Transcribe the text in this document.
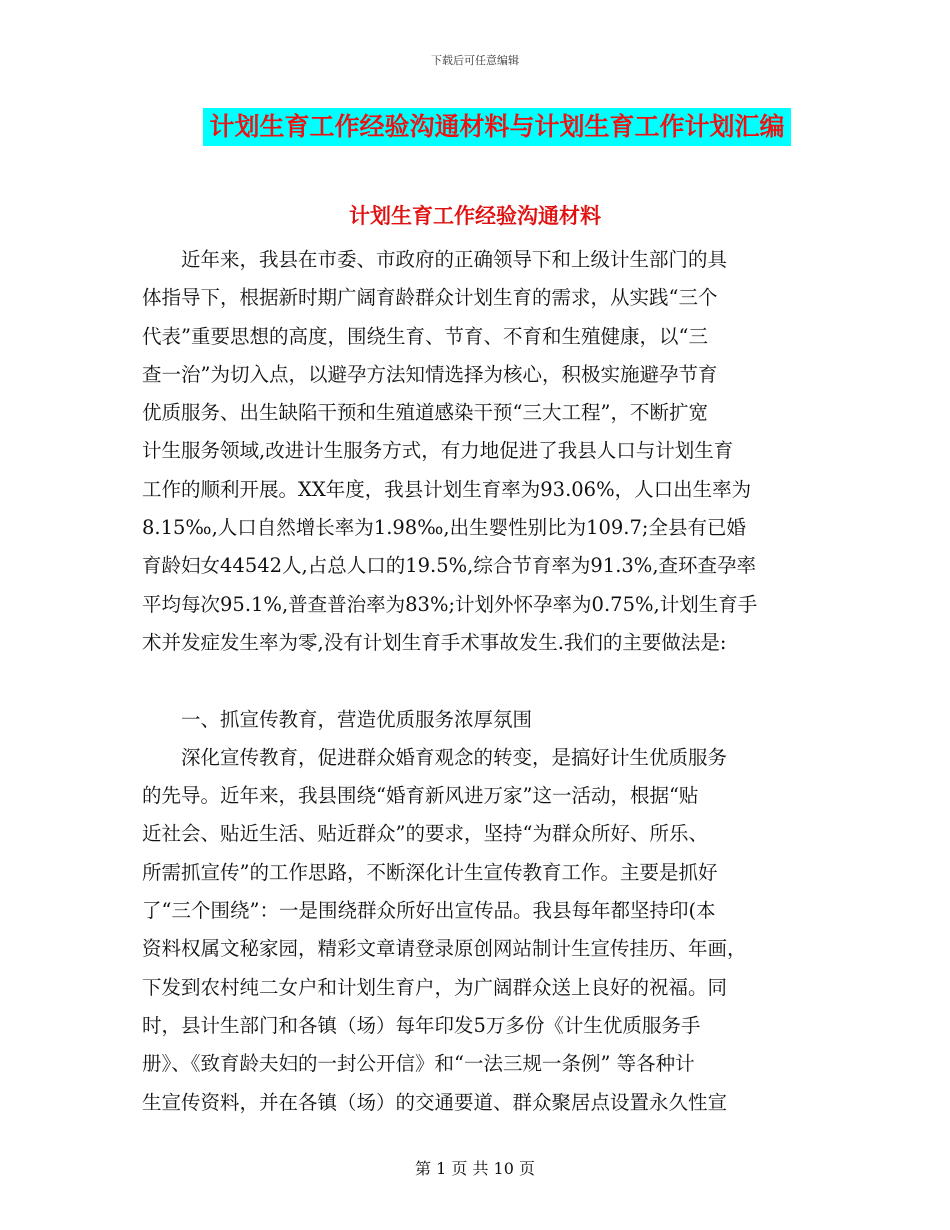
下载后可任意编辑
计划生育工作经验沟通材料与计划生育工作计划汇编
计划生育工作经验沟通材料
近年来，我县在市委、市政府的正确领导下和上级计生部门的具
体指导下，根据新时期广阔育龄群众计划生育的需求，从实践“三个
代表”重要思想的高度，围绕生育、节育、不育和生殖健康，以“三
查一治”为切入点，以避孕方法知情选择为核心，积极实施避孕节育
优质服务、出生缺陷干预和生殖道感染干预“三大工程”，不断扩宽
计生服务领域,改进计生服务方式，有力地促进了我县人口与计划生育
工作的顺利开展。XX年度，我县计划生育率为93.06%，人口出生率为
8.15‰,人口自然增长率为1.98‰,出生婴性别比为109.7;全县有已婚
育龄妇女44542人,占总人口的19.5%,综合节育率为91.3%,查环查孕率
平均每次95.1%,普查普治率为83%;计划外怀孕率为0.75%,计划生育手
术并发症发生率为零,没有计划生育手术事故发生.我们的主要做法是:
一、抓宣传教育，营造优质服务浓厚氛围
深化宣传教育，促进群众婚育观念的转变，是搞好计生优质服务
的先导。近年来，我县围绕“婚育新风进万家”这一活动，根据“贴
近社会、贴近生活、贴近群众”的要求，坚持“为群众所好、所乐、
所需抓宣传”的工作思路，不断深化计生宣传教育工作。主要是抓好
了“三个围绕”：一是围绕群众所好出宣传品。我县每年都坚持印(本
资料权属文秘家园，精彩文章请登录原创网站制计生宣传挂历、年画，
下发到农村纯二女户和计划生育户，为广阔群众送上良好的祝福。同
时，县计生部门和各镇（场）每年印发5万多份《计生优质服务手
册》、《致育龄夫妇的一封公开信》和“一法三规一条例” 等各种计
生宣传资料，并在各镇（场）的交通要道、群众聚居点设置永久性宣
第 1 页 共 10 页
